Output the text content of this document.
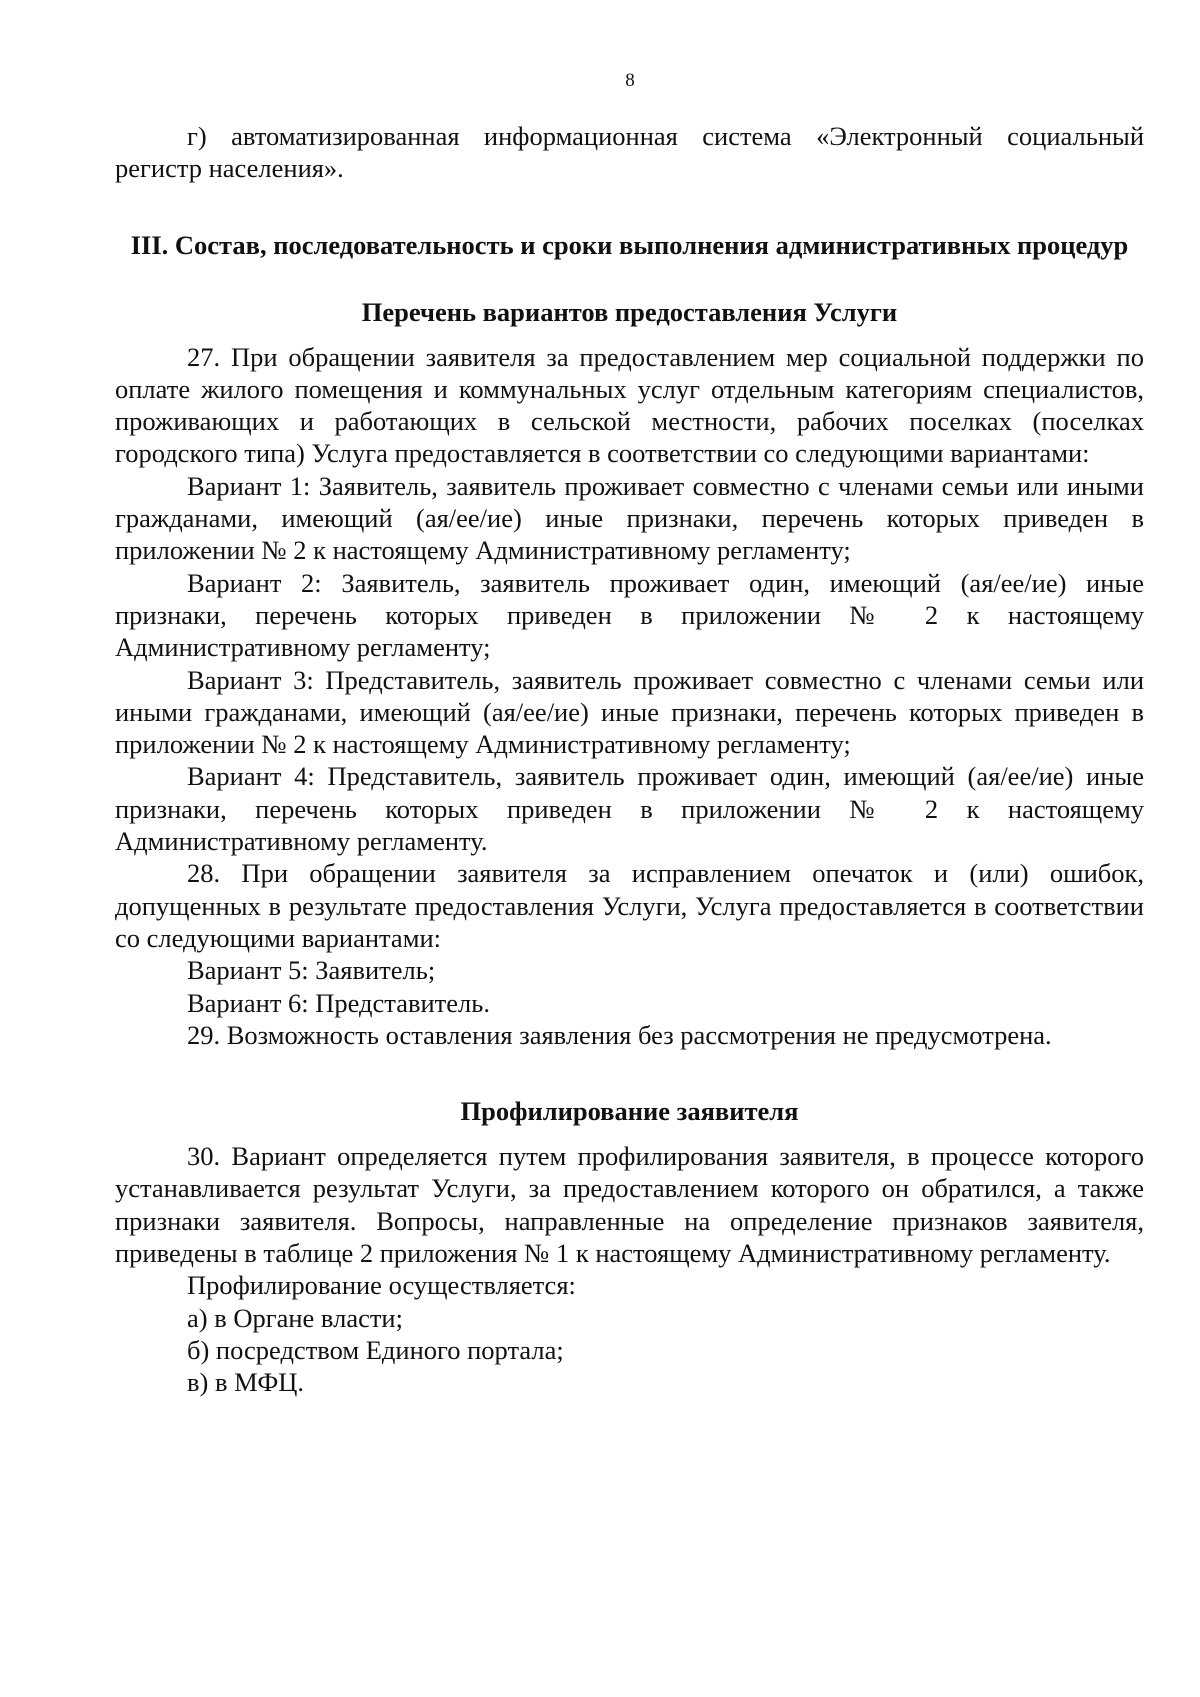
8

г) автоматизированная информационная система «Электронный социальный регистр населения».

III. Состав, последовательность и сроки выполнения административных процедур

Перечень вариантов предоставления Услуги

27. При обращении заявителя за предоставлением мер социальной поддержки по оплате жилого помещения и коммунальных услуг отдельным категориям специалистов, проживающих и работающих в сельской местности, рабочих поселках (поселках городского типа) Услуга предоставляется в соответствии со следующими вариантами:

Вариант 1: Заявитель, заявитель проживает совместно с членами семьи или иными гражданами, имеющий (ая/ее/ие) иные признаки, перечень которых приведен в приложении № 2 к настоящему Административному регламенту;

Вариант 2: Заявитель, заявитель проживает один, имеющий (ая/ее/ие) иные признаки, перечень которых приведен в приложении № 2 к настоящему Административному регламенту;

Вариант 3: Представитель, заявитель проживает совместно с членами семьи или иными гражданами, имеющий (ая/ее/ие) иные признаки, перечень которых приведен в приложении № 2 к настоящему Административному регламенту;

Вариант 4: Представитель, заявитель проживает один, имеющий (ая/ее/ие) иные признаки, перечень которых приведен в приложении № 2 к настоящему Административному регламенту.

28. При обращении заявителя за исправлением опечаток и (или) ошибок, допущенных в результате предоставления Услуги, Услуга предоставляется в соответствии со следующими вариантами:

Вариант 5: Заявитель;

Вариант 6: Представитель.

29. Возможность оставления заявления без рассмотрения не предусмотрена.

Профилирование заявителя

30. Вариант определяется путем профилирования заявителя, в процессе которого устанавливается результат Услуги, за предоставлением которого он обратился, а также признаки заявителя. Вопросы, направленные на определение признаков заявителя, приведены в таблице 2 приложения № 1 к настоящему Административному регламенту.

Профилирование осуществляется:

а) в Органе власти;

б) посредством Единого портала;

в) в МФЦ.
